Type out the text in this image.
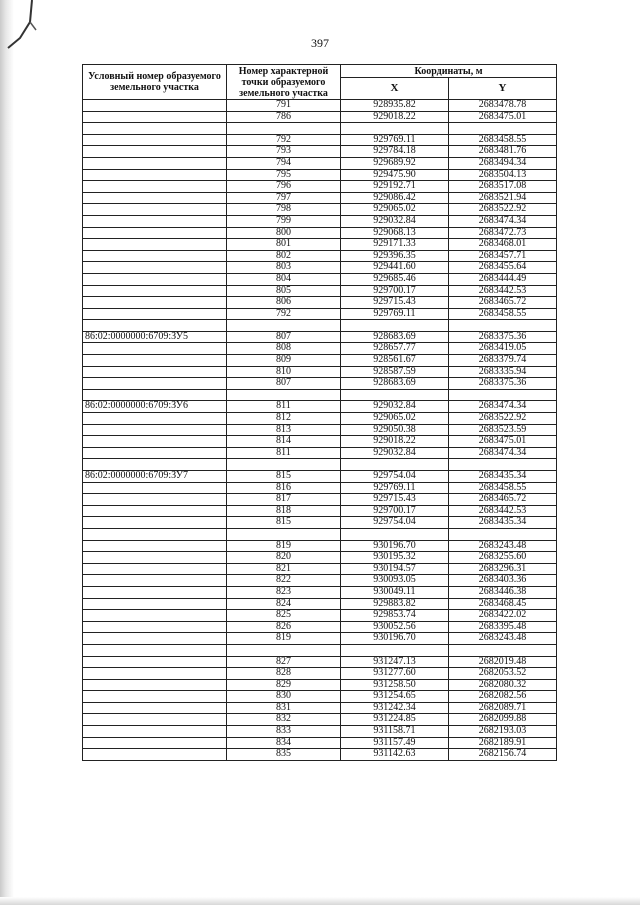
397
Условный номер образуемого земельного участка	Номер характерной точки образуемого земельного участка	Координаты, м	
		X	Y
	791	928935.82	2683478.78
	786	929018.22	2683475.01

	792	929769.11	2683458.55
	793	929784.18	2683481.76
	794	929689.92	2683494.34
	795	929475.90	2683504.13
	796	929192.71	2683517.08
	797	929086.42	2683521.94
	798	929065.02	2683522.92
	799	929032.84	2683474.34
	800	929068.13	2683472.73
	801	929171.33	2683468.01
	802	929396.35	2683457.71
	803	929441.60	2683455.64
	804	929685.46	2683444.49
	805	929700.17	2683442.53
	806	929715.43	2683465.72
	792	929769.11	2683458.55

86:02:0000000:6709:ЗУ5	807	928683.69	2683375.36
	808	928657.77	2683419.05
	809	928561.67	2683379.74
	810	928587.59	2683335.94
	807	928683.69	2683375.36

86:02:0000000:6709:ЗУ6	811	929032.84	2683474.34
	812	929065.02	2683522.92
	813	929050.38	2683523.59
	814	929018.22	2683475.01
	811	929032.84	2683474.34

86:02:0000000:6709:ЗУ7	815	929754.04	2683435.34
	816	929769.11	2683458.55
	817	929715.43	2683465.72
	818	929700.17	2683442.53
	815	929754.04	2683435.34

	819	930196.70	2683243.48
	820	930195.32	2683255.60
	821	930194.57	2683296.31
	822	930093.05	2683403.36
	823	930049.11	2683446.38
	824	929883.82	2683468.45
	825	929853.74	2683422.02
	826	930052.56	2683395.48
	819	930196.70	2683243.48

	827	931247.13	2682019.48
	828	931277.60	2682053.52
	829	931258.50	2682080.32
	830	931254.65	2682082.56
	831	931242.34	2682089.71
	832	931224.85	2682099.88
	833	931158.71	2682193.03
	834	931157.49	2682189.91
	835	931142.63	2682156.74
